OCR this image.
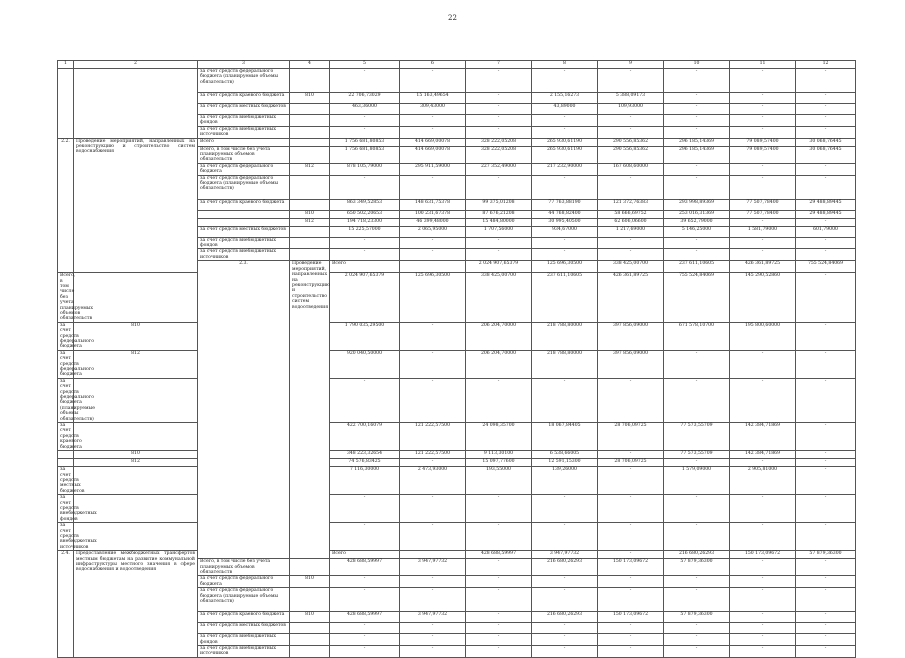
22
1	2	3	4	5	6	7	8	9	10	11	12	
		за счет средств федерального бюджета (планируемые объемы обязательств)		-	-	-	-	-	-	-	-	
		за счет средств краевого бюджета	810	22 706,73029	15 163,49654	-	2 155,16273	5 388,09173	-	-	-	
		за счет средств местных бюджетов		463,36000	309,43000	-	43,89000	109,93000	-	-	-	
		за счет средств внебюджетных фондов		-	-	-	-	-	-	-	-	
		за счет средств внебюджетных источников		-	-	-	-	-	-	-	-	
2.2.	Проведение мероприятий, направленных на реконструкцию и строительство систем водоснабжения	Всего		1 756 681,80853	414 669,00078	328 222,05208	265 930,61190	290 556,85362	296 185,14369	79 089,57400	30 068,76445	
		Всего, в том числе без учета планируемых объемов обязательств		1 756 681,80853	414 669,00078	328 222,05208	265 930,61190	290 556,85362	296 185,14369	79 089,57400	30 068,76445	
		за счет средств федерального бюджета	812	878 105,79000	295 911,59000	227 352,49000	217 232,90000	167 608,60000	-	-	-	
		за счет средств федерального бюджета (планируемые объемы обязательств)		-	-	-	-	-	-	-	-	
		за счет средств краевого бюджета		863 349,52853	148 631,75378	99 375,01208	77 763,88190	121 372,76383	293 998,89369	77 507,78400	29 488,89445	
			810	650 502,20653	100 231,67378	87 676,21208	44 768,82400	58 666,69752	253 016,31369	77 507,78400	29 488,89445	
			812	194 718,23300	46 399,48000	15 484,80000	30 995,40500	62 606,06600	39 652,79000	-	-	
		за счет средств местных бюджетов		15 225,57000	2 065,95000	1 707,56000	934,67000	1 217,69000	5 146,25000	1 581,79000	601,79000	
		за счет средств внебюджетных фондов		-	-	-	-	-	-	-	-	
		за счет средств внебюджетных источников		-	-	-	-	-	-	-	-	
		2.3.	Проведение мероприятий, направленных на реконструкцию и строительство систем водоотведения	Всего		2 024 907,65379	125 696,30500	338 425,00700	237 611,10605	426 361,89725	755 524,84069		
Всего, в том числе без учета планируемых объемов обязательств				2 024 907,65379	125 696,30500	338 425,00700	237 611,10605	426 361,89725	755 524,84069	145 290,52860	-	
за счет средств федерального бюджета	810			1 790 035,29500	-	206 204,70000	218 788,80000	397 856,09000	671 578,10700	195 800,60000	-	
за счет средств федерального бюджета	812			920 040,50000	-	206 204,70000	218 788,80000	397 856,09000	-	-	-	
за счет средств федерального бюджета (планируемые объемы обязательств)				-	-	-	-	-	-	-	-	
за счет средств краевого бюджета				422 700,16079	121 222,57500	24 098,35700	18 067,84405	28 706,09725	77 573,55709	142 384,71869	-	
	810			348 223,32654	121 222,57500	9 113,30100	6 538,66005	-	77 573,55709	142 384,71869	-	
	812			74 576,83425	-	15 097,77600	12 591,15300	28 706,09725	-	-	-	
за счет средств местных бюджетов				7 116,30000	2 473,93000	193,55000	139,26000	-	1 579,09000	2 905,81000	-	
за счет средств внебюджетных фондов				-	-	-	-	-	-	-	-	
за счет средств внебюджетных источников				-	-	-	-	-	-	-	-	
2.4.	Предоставление межбюджетных трансфертов местным бюджетам на развитие коммунальной инфраструктуры местного значения в сфере водоснабжения и водоотведения			Всего		428 688,59997	3 947,97732	-	216 680,26293	150 173,09672	57 879,36300		
		Всего, в том числе без учета планируемых объемов обязательств		428 688,59997	3 947,97732	-	216 680,26293	150 173,09672	57 879,36300	-	-	
		за счет средств федерального бюджета	810	-	-	-	-	-	-	-	-	
		за счет средств федерального бюджета (планируемые объемы обязательств)		-	-	-	-	-	-	-	-	
		за счет средств краевого бюджета	810	428 688,59997	3 947,97732	-	216 680,26293	150 173,09672	57 879,36300	-	-	
		за счет средств местных бюджетов		-	-	-	-	-	-	-	-	
		за счет средств внебюджетных фондов		-	-	-	-	-	-	-	-	
		за счет средств внебюджетных источников		-	-	-	-	-	-	-	-	
